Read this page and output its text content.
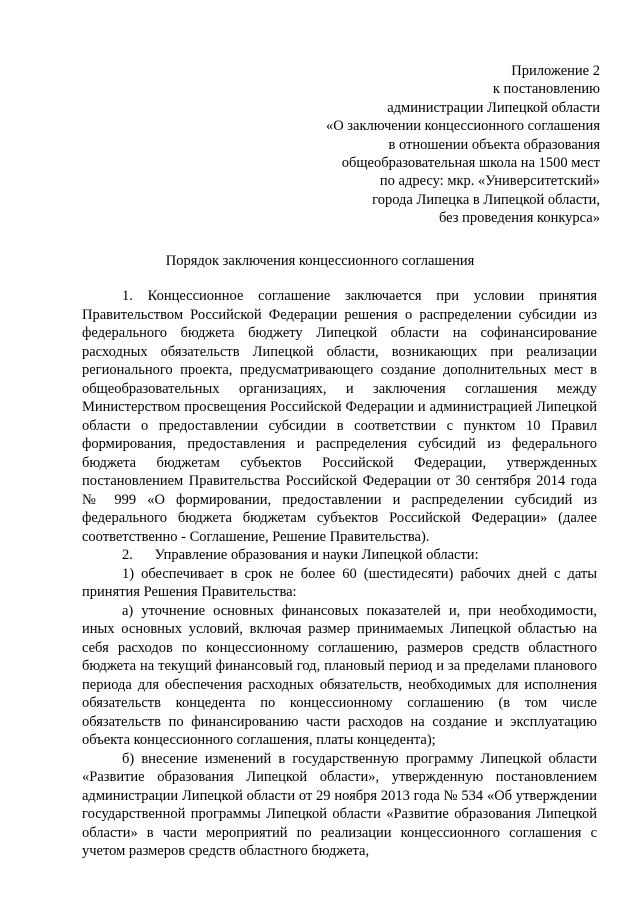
Приложение 2
к постановлению
администрации Липецкой области
«О заключении концессионного соглашения
в отношении объекта образования
общеобразовательная школа на 1500 мест
по адресу: мкр. «Университетский»
города Липецка в Липецкой области,
без проведения конкурса»
Порядок заключения концессионного соглашения

1. Концессионное соглашение заключается при условии принятия Правительством Российской Федерации решения о распределении субсидии из федерального бюджета бюджету Липецкой области на софинансирование расходных обязательств Липецкой области, возникающих при реализации регионального проекта, предусматривающего создание дополнительных мест в общеобразовательных организациях, и заключения соглашения между Министерством просвещения Российской Федерации и администрацией Липецкой области о предоставлении субсидии в соответствии с пунктом 10 Правил формирования, предоставления и распределения субсидий из федерального бюджета бюджетам субъектов Российской Федерации, утвержденных постановлением Правительства Российской Федерации от 30 сентября 2014 года № 999 «О формировании, предоставлении и распределении субсидий из федерального бюджета бюджетам субъектов Российской Федерации» (далее соответственно - Соглашение, Решение Правительства).

2.      Управление образования и науки Липецкой области:

1) обеспечивает в срок не более 60 (шестидесяти) рабочих дней с даты принятия Решения Правительства:

а) уточнение основных финансовых показателей и, при необходимости, иных основных условий, включая размер принимаемых Липецкой областью на себя расходов по концессионному соглашению, размеров средств областного бюджета на текущий финансовый год, плановый период и за пределами планового периода для обеспечения расходных обязательств, необходимых для исполнения обязательств концедента по концессионному соглашению (в том числе обязательств по финансированию части расходов на создание и эксплуатацию объекта концессионного соглашения, платы концедента);

б) внесение изменений в государственную программу Липецкой области «Развитие образования Липецкой области», утвержденную постановлением администрации Липецкой области от 29 ноября 2013 года № 534 «Об утверждении государственной программы Липецкой области «Развитие образования Липецкой области» в части мероприятий по реализации концессионного соглашения с учетом размеров средств областного бюджета,
